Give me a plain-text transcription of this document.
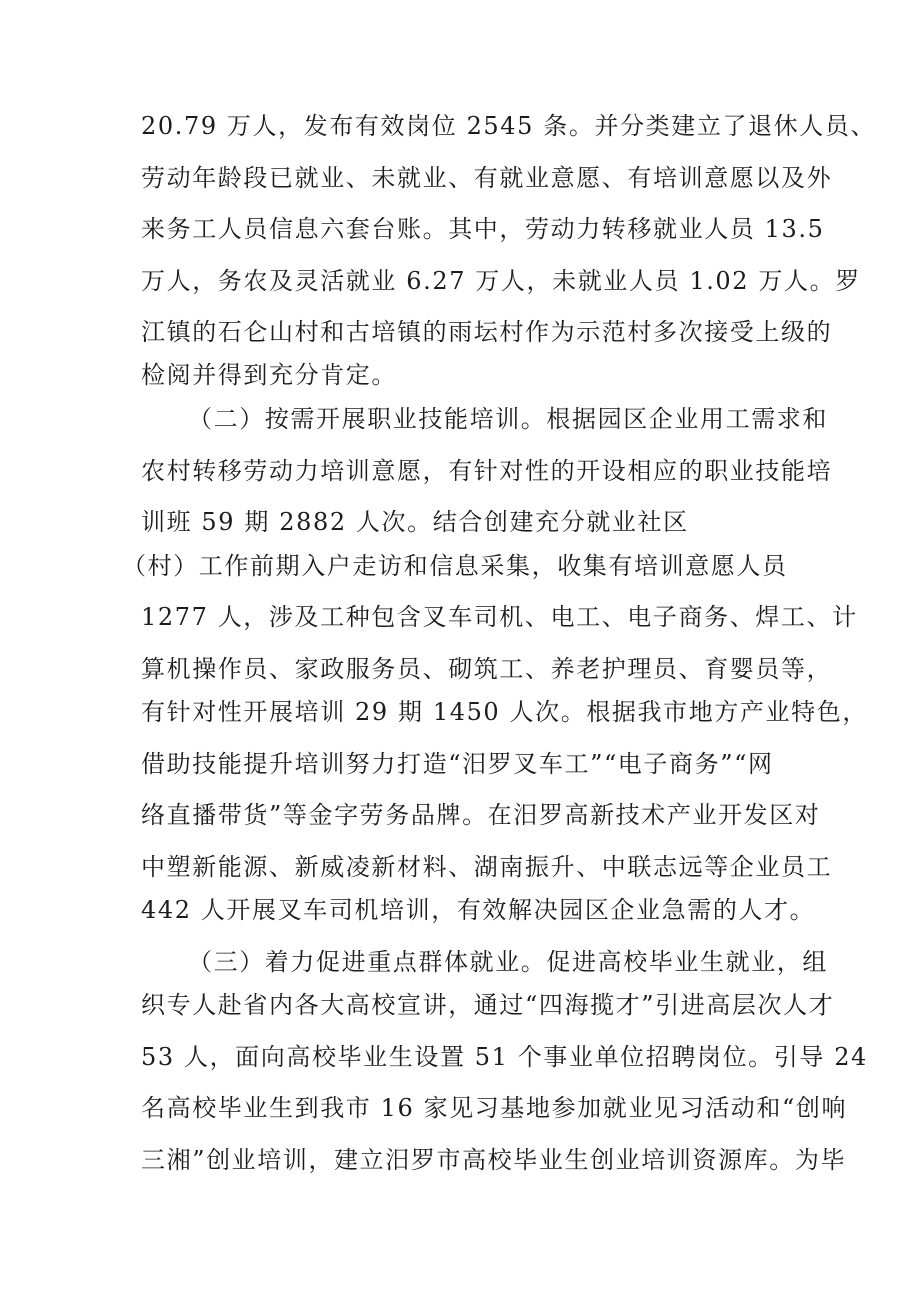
20.79 万人，发布有效岗位 2545 条。并分类建立了退休人员、
劳动年龄段已就业、未就业、有就业意愿、有培训意愿以及外
来务工人员信息六套台账。其中，劳动力转移就业人员 13.5
万人，务农及灵活就业 6.27 万人，未就业人员 1.02 万人。罗
江镇的石仑山村和古培镇的雨坛村作为示范村多次接受上级的
检阅并得到充分肯定。
（二）按需开展职业技能培训。根据园区企业用工需求和
农村转移劳动力培训意愿，有针对性的开设相应的职业技能培
训班 59 期 2882 人次。结合创建充分就业社区
（村）工作前期入户走访和信息采集，收集有培训意愿人员
1277 人，涉及工种包含叉车司机、电工、电子商务、焊工、计
算机操作员、家政服务员、砌筑工、养老护理员、育婴员等，
有针对性开展培训 29 期 1450 人次。根据我市地方产业特色，
借助技能提升培训努力打造“汨罗叉车工”“电子商务”“网
络直播带货”等金字劳务品牌。在汨罗高新技术产业开发区对
中塑新能源、新威凌新材料、湖南振升、中联志远等企业员工
442 人开展叉车司机培训，有效解决园区企业急需的人才。
（三）着力促进重点群体就业。促进高校毕业生就业，组
织专人赴省内各大高校宣讲，通过“四海揽才”引进高层次人才
53 人，面向高校毕业生设置 51 个事业单位招聘岗位。引导 24
名高校毕业生到我市 16 家见习基地参加就业见习活动和“创响
三湘”创业培训，建立汨罗市高校毕业生创业培训资源库。为毕
